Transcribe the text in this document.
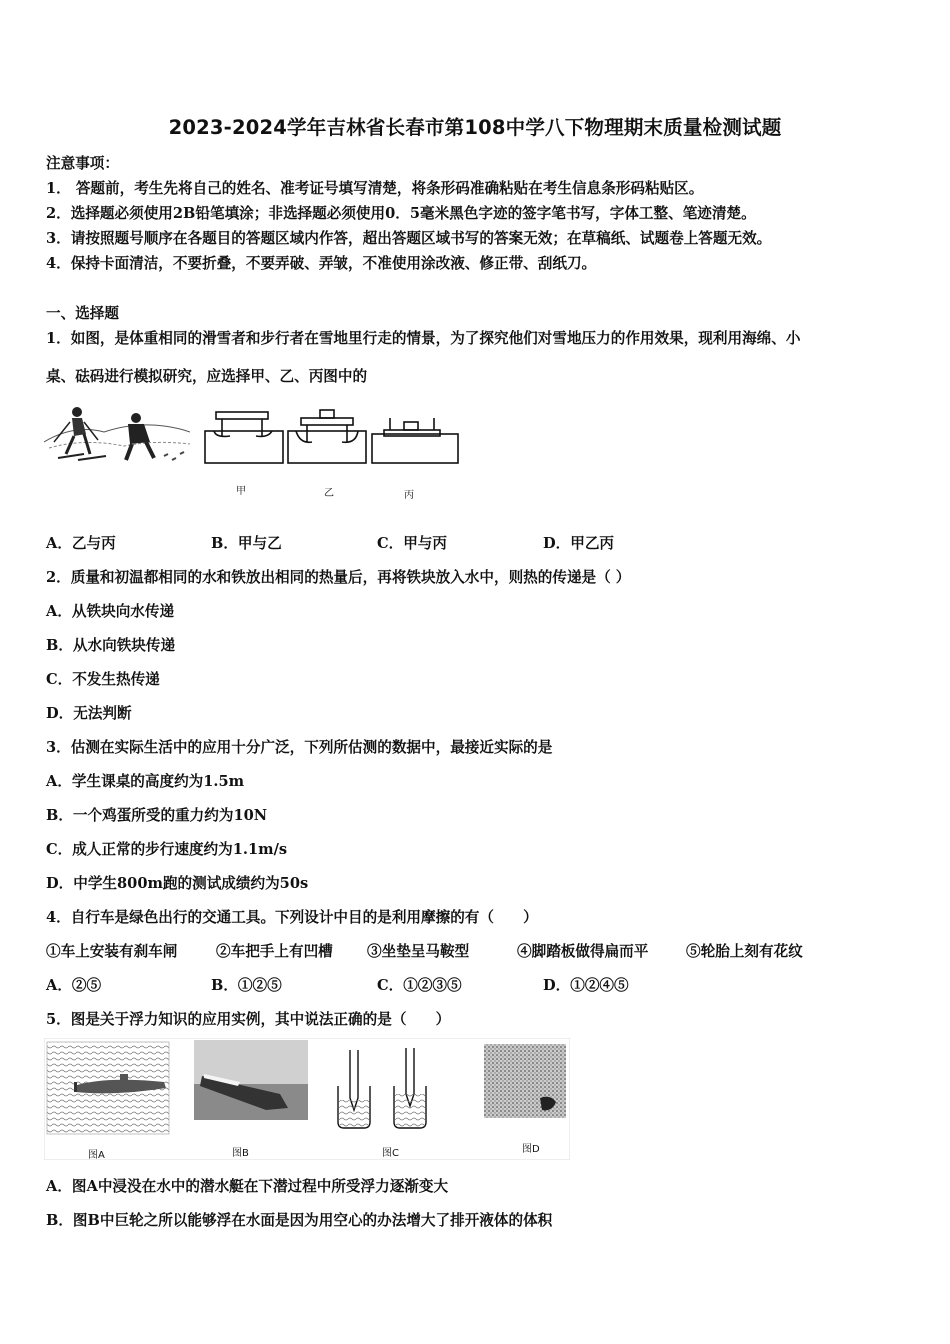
2023-2024学年吉林省长春市第108中学八下物理期末质量检测试题
注意事项：
1． 答题前，考生先将自己的姓名、准考证号填写清楚，将条形码准确粘贴在考生信息条形码粘贴区。
2．选择题必须使用2B铅笔填涂；非选择题必须使用0．5毫米黑色字迹的签字笔书写，字体工整、笔迹清楚。
3．请按照题号顺序在各题目的答题区域内作答，超出答题区域书写的答案无效；在草稿纸、试题卷上答题无效。
4．保持卡面清洁，不要折叠，不要弄破、弄皱，不准使用涂改液、修正带、刮纸刀。
一、选择题
1．如图，是体重相同的滑雪者和步行者在雪地里行走的情景，为了探究他们对雪地压力的作用效果，现利用海绵、小
桌、砝码进行模拟研究，应选择甲、乙、丙图中的
甲	乙	丙
A．乙与丙	B．甲与乙	C．甲与丙	D．甲乙丙
2．质量和初温都相同的水和铁放出相同的热量后，再将铁块放入水中，则热的传递是（ ）
A．从铁块向水传递
B．从水向铁块传递
C．不发生热传递
D．无法判断
3．估测在实际生活中的应用十分广泛，下列所估测的数据中，最接近实际的是
A．学生课桌的高度约为1.5m
B．一个鸡蛋所受的重力约为10N
C．成人正常的步行速度约为1.1m/s
D．中学生800m跑的测试成绩约为50s
4．自行车是绿色出行的交通工具。下列设计中目的是利用摩擦的有（　　）
①车上安装有刹车闸	②车把手上有凹槽 ③坐垫呈马鞍型	④脚踏板做得扁而平	⑤轮胎上刻有花纹
A．②⑤	B．①②⑤	C．①②③⑤	D．①②④⑤
5．图是关于浮力知识的应用实例，其中说法正确的是（　　）
图A	图B	图C	图D
A．图A中浸没在水中的潜水艇在下潜过程中所受浮力逐渐变大
B．图B中巨轮之所以能够浮在水面是因为用空心的办法增大了排开液体的体积
